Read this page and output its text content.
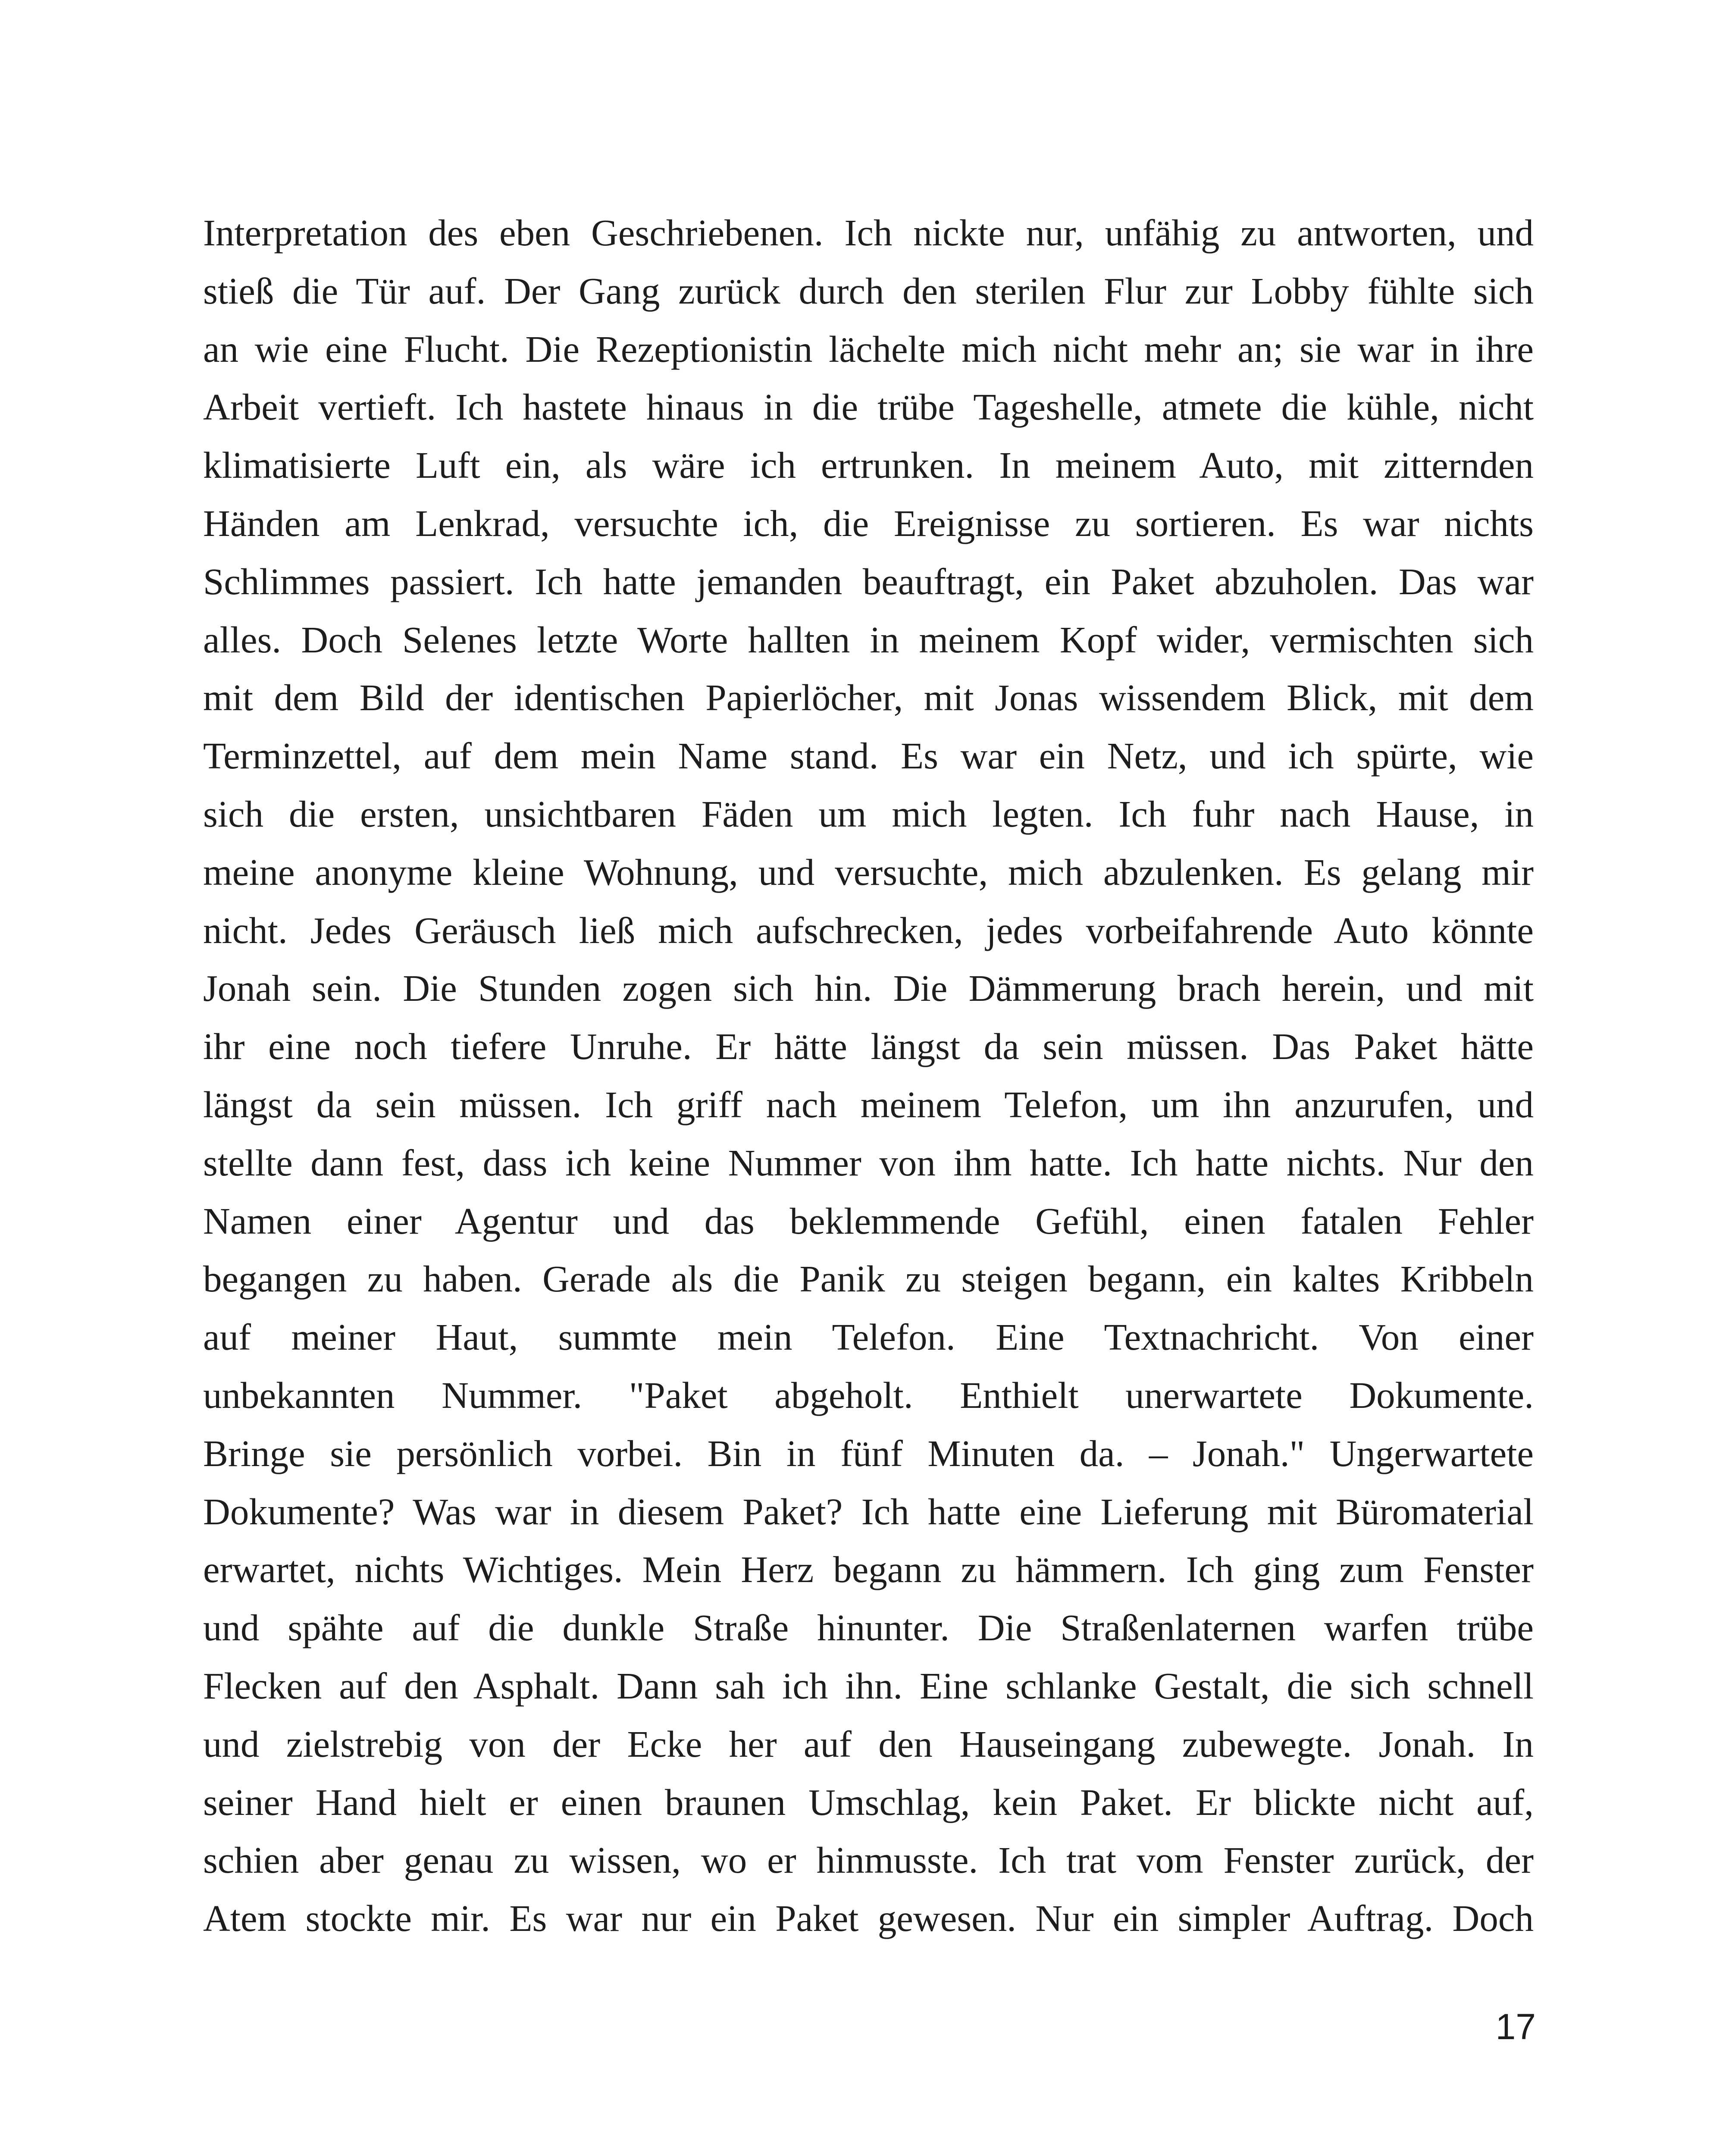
Interpretation des eben Geschriebenen. Ich nickte nur, unfähig zu antworten, und
stieß die Tür auf. Der Gang zurück durch den sterilen Flur zur Lobby fühlte sich
an wie eine Flucht. Die Rezeptionistin lächelte mich nicht mehr an; sie war in ihre
Arbeit vertieft. Ich hastete hinaus in die trübe Tageshelle, atmete die kühle, nicht
klimatisierte Luft ein, als wäre ich ertrunken. In meinem Auto, mit zitternden
Händen am Lenkrad, versuchte ich, die Ereignisse zu sortieren. Es war nichts
Schlimmes passiert. Ich hatte jemanden beauftragt, ein Paket abzuholen. Das war
alles. Doch Selenes letzte Worte hallten in meinem Kopf wider, vermischten sich
mit dem Bild der identischen Papierlöcher, mit Jonas wissendem Blick, mit dem
Terminzettel, auf dem mein Name stand. Es war ein Netz, und ich spürte, wie
sich die ersten, unsichtbaren Fäden um mich legten. Ich fuhr nach Hause, in
meine anonyme kleine Wohnung, und versuchte, mich abzulenken. Es gelang mir
nicht. Jedes Geräusch ließ mich aufschrecken, jedes vorbeifahrende Auto könnte
Jonah sein. Die Stunden zogen sich hin. Die Dämmerung brach herein, und mit
ihr eine noch tiefere Unruhe. Er hätte längst da sein müssen. Das Paket hätte
längst da sein müssen. Ich griff nach meinem Telefon, um ihn anzurufen, und
stellte dann fest, dass ich keine Nummer von ihm hatte. Ich hatte nichts. Nur den
Namen einer Agentur und das beklemmende Gefühl, einen fatalen Fehler
begangen zu haben. Gerade als die Panik zu steigen begann, ein kaltes Kribbeln
auf meiner Haut, summte mein Telefon. Eine Textnachricht. Von einer
unbekannten Nummer. "Paket abgeholt. Enthielt unerwartete Dokumente.
Bringe sie persönlich vorbei. Bin in fünf Minuten da. – Jonah." Ungerwartete
Dokumente? Was war in diesem Paket? Ich hatte eine Lieferung mit Büromaterial
erwartet, nichts Wichtiges. Mein Herz begann zu hämmern. Ich ging zum Fenster
und spähte auf die dunkle Straße hinunter. Die Straßenlaternen warfen trübe
Flecken auf den Asphalt. Dann sah ich ihn. Eine schlanke Gestalt, die sich schnell
und zielstrebig von der Ecke her auf den Hauseingang zubewegte. Jonah. In
seiner Hand hielt er einen braunen Umschlag, kein Paket. Er blickte nicht auf,
schien aber genau zu wissen, wo er hinmusste. Ich trat vom Fenster zurück, der
Atem stockte mir. Es war nur ein Paket gewesen. Nur ein simpler Auftrag. Doch
17
